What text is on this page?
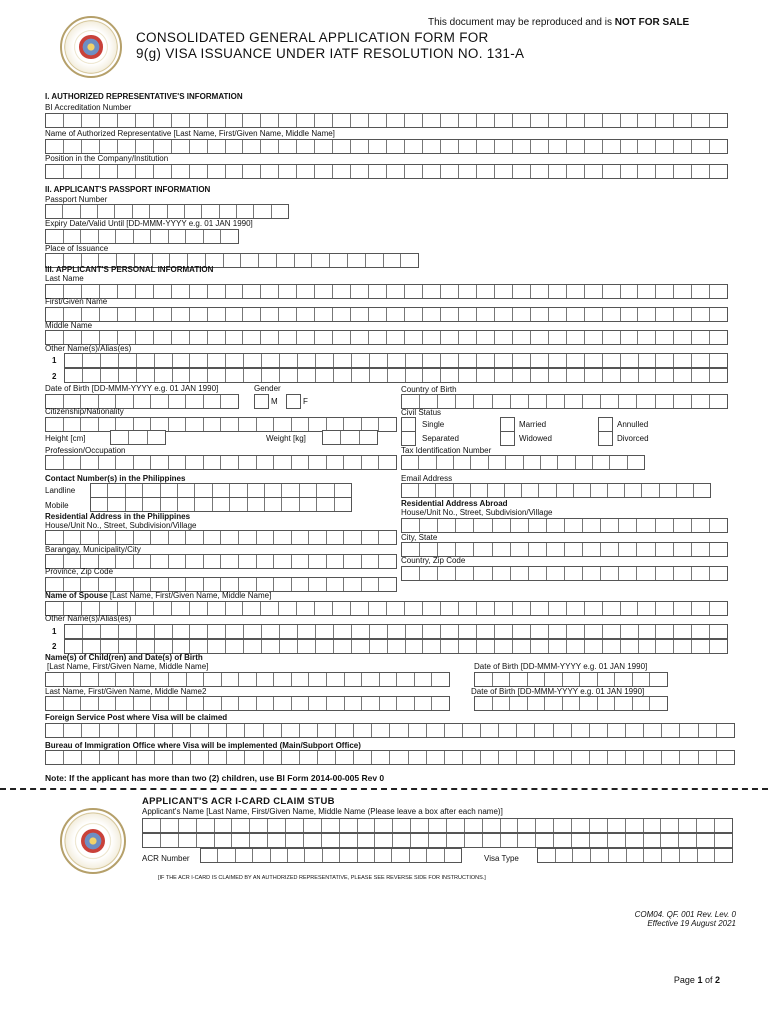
This document may be reproduced and is NOT FOR SALE
CONSOLIDATED GENERAL APPLICATION FORM FOR
9(g) VISA ISSUANCE UNDER IATF RESOLUTION NO. 131-A
I. AUTHORIZED REPRESENTATIVE'S INFORMATION
BI Accreditation Number
Name of Authorized Representative [Last Name, First/Given Name, Middle Name]
Position in the Company/Institution
II. APPLICANT'S PASSPORT INFORMATION
Passport Number
Expiry Date/Valid Until [DD-MMM-YYYY e.g. 01 JAN 1990]
Place of Issuance
III. APPLICANT'S PERSONAL INFORMATION
Last Name
First/Given Name
Middle Name
Other Name(s)/Alias(es)
1
2
Date of Birth [DD-MMM-YYYY e.g. 01 JAN 1990]	Gender
M	F
Country of Birth
Citizenship/Nationality	Civil Status
Single	Married	Annulled
Separated	Widowed	Divorced
Height [cm]	Weight [kg]
Profession/Occupation	Tax Identification Number
Contact Number(s) in the Philippines	Email Address
Landline
Mobile	Residential Address Abroad
House/Unit No., Street, Subdivision/Village
Residential Address in the Philippines
House/Unit No., Street, Subdivision/Village
City, State
Barangay, Municipality/City
Country, Zip Code
Province, Zip Code
Name of Spouse [Last Name, First/Given Name, Middle Name]
Other Name(s)/Alias(es)
1
2
Name(s) of Child(ren) and Date(s) of Birth
[Last Name, First/Given Name, Middle Name]	Date of Birth [DD-MMM-YYYY e.g. 01 JAN 1990]
Last Name, First/Given Name, Middle Name2	Date of Birth [DD-MMM-YYYY e.g. 01 JAN 1990]
Foreign Service Post where Visa will be claimed
Bureau of Immigration Office where Visa will be implemented (Main/Subport Office)
Note: If the applicant has more than two (2) children, use BI Form 2014-00-005 Rev 0
APPLICANT'S ACR I-CARD CLAIM STUB
Applicant's Name [Last Name, First/Given Name, Middle Name (Please leave a box after each name)]
ACR Number	Visa Type
[IF THE ACR I-CARD IS CLAIMED BY AN AUTHORIZED REPRESENTATIVE, PLEASE SEE REVERSE SIDE FOR INSTRUCTIONS.]
COM04. QF. 001 Rev. Lev. 0
Effective 19 August 2021
Page 1 of 2
